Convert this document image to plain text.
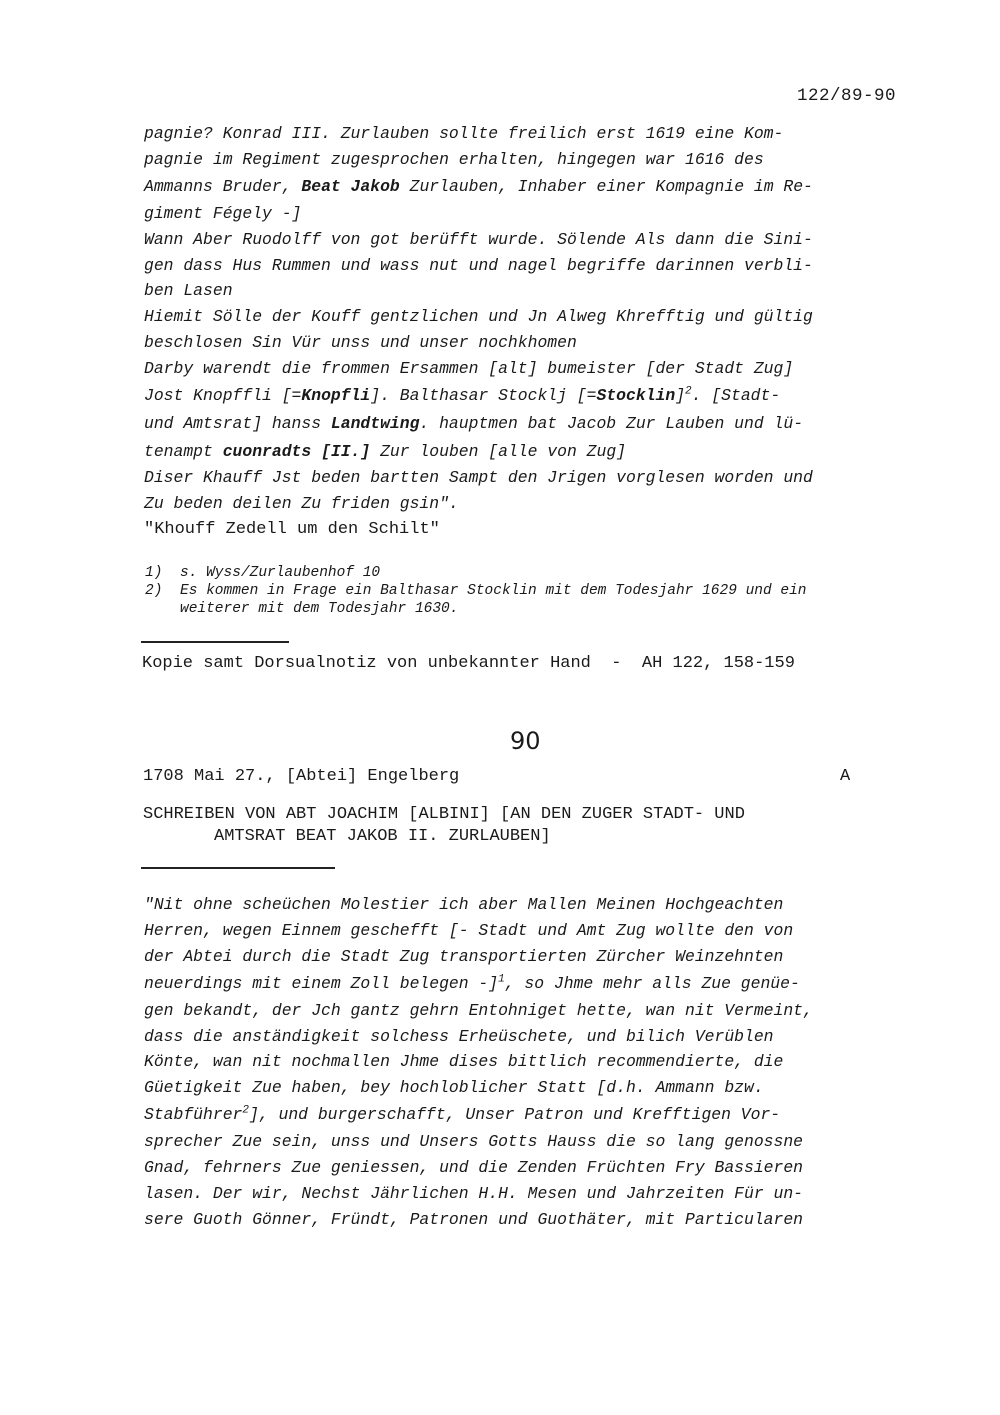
122/89-90
pagnie? Konrad III. Zurlauben sollte freilich erst 1619 eine Kom-
pagnie im Regiment zugesprochen erhalten, hingegen war 1616 des
Ammanns Bruder, Beat Jakob Zurlauben, Inhaber einer Kompagnie im Re-
giment Fégely -]
Wann Aber Ruodolff von got berüfft wurde. Sölende Als dann die Sini-
gen dass Hus Rummen und wass nut und nagel begriffe darinnen verbli-
ben Lasen
Hiemit Sölle der Kouff gentzlichen und Jn Alweg Khrefftig und gültig
beschlosen Sin Vür unss und unser nochkhomen
Darby warendt die frommen Ersammen [alt] bumeister [der Stadt Zug]
Jost Knopffli [=Knopfli]. Balthasar Stocklj [=Stocklin]$^2$. [Stadt-
und Amtsrat] hanss Landtwing. hauptmen bat Jacob Zur Lauben und lü-
tenampt cuonradts [II.] Zur louben [alle von Zug]
Diser Khauff Jst beden bartten Sampt den Jrigen vorglesen worden und
Zu beden deilen Zu friden gsin".
"Khouff Zedell um den Schilt"
1) s. Wyss/Zurlaubenhof 10
2) Es kommen in Frage ein Balthasar Stocklin mit dem Todesjahr 1629 und ein
weiterer mit dem Todesjahr 1630.
Kopie samt Dorsualnotiz von unbekannter Hand  -  AH 122, 158-159
90
1708 Mai 27., [Abtei] Engelberg	A
SCHREIBEN VON ABT JOACHIM [ALBINI] [AN DEN ZUGER STADT- UND
AMTSRAT BEAT JAKOB II. ZURLAUBEN]
"Nit ohne scheüchen Molestier ich aber Mallen Meinen Hochgeachten
Herren, wegen Einnem geschefft [- Stadt und Amt Zug wollte den von
der Abtei durch die Stadt Zug transportierten Zürcher Weinzehnten
neuerdings mit einem Zoll belegen -]$^1$, so Jhme mehr alls Zue genüe-
gen bekandt, der Jch gantz gehrn Entohniget hette, wan nit Vermeint,
dass die anständigkeit solchess Erheüschete, und bilich Verüblen
Könte, wan nit nochmallen Jhme dises bittlich recommendierte, die
Güetigkeit Zue haben, bey hochloblicher Statt [d.h. Ammann bzw.
Stabführer$^2$], und burgerschafft, Unser Patron und Krefftigen Vor-
sprecher Zue sein, unss und Unsers Gotts Hauss die so lang genossne
Gnad, fehrners Zue geniessen, und die Zenden Früchten Fry Bassieren
lasen. Der wir, Nechst Jährlichen H.H. Mesen und Jahrzeiten Für un-
sere Guoth Gönner, Fründt, Patronen und Guothäter, mit Particularen
